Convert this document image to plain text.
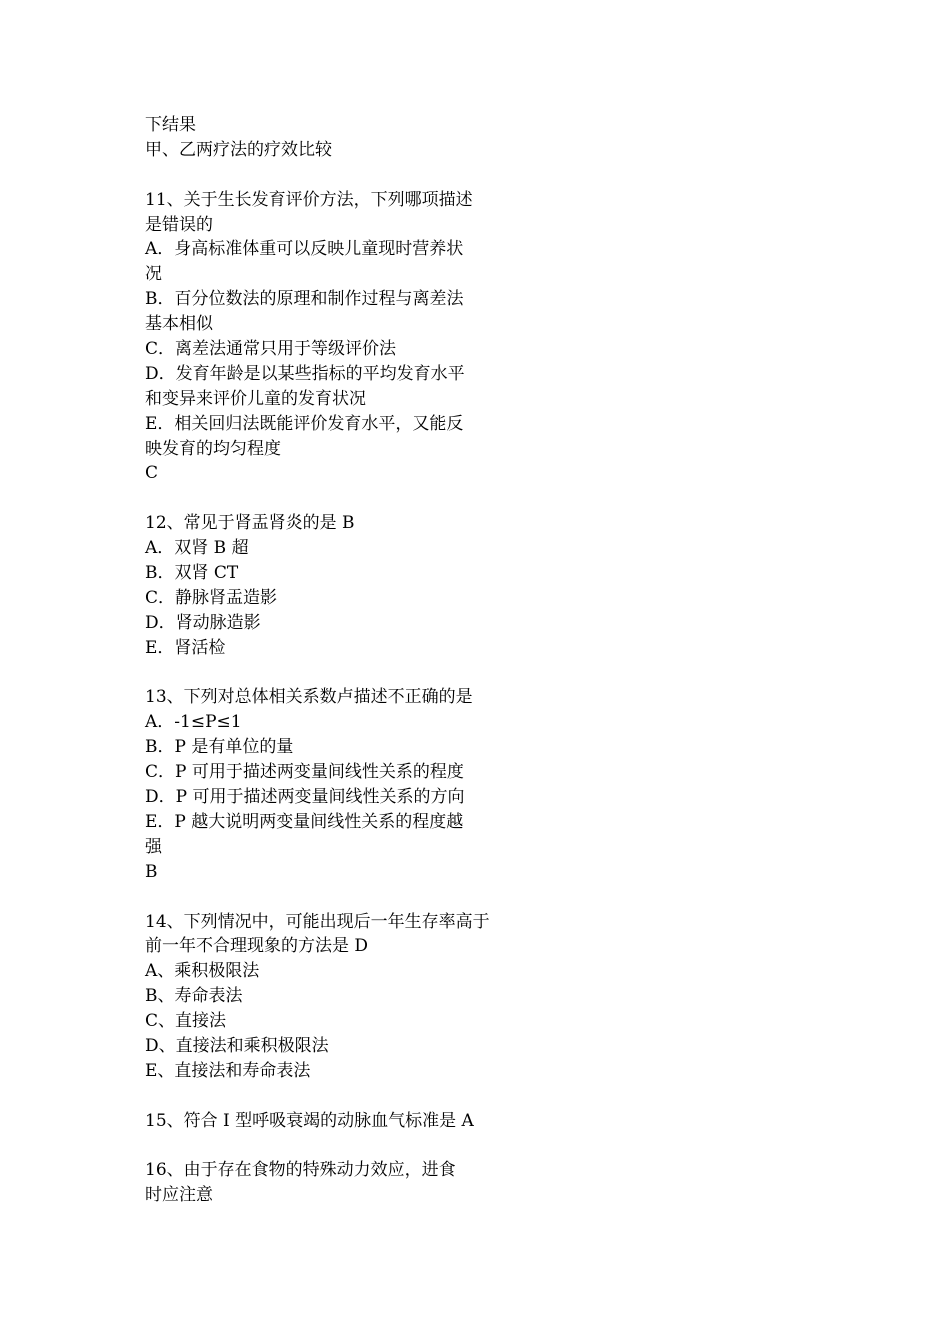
下结果
甲、乙两疗法的疗效比较
11、关于生长发育评价方法，下列哪项描述
是错误的
A．身高标准体重可以反映儿童现时营养状
况
B．百分位数法的原理和制作过程与离差法
基本相似
C．离差法通常只用于等级评价法
D．发育年龄是以某些指标的平均发育水平
和变异来评价儿童的发育状况
E．相关回归法既能评价发育水平，又能反
映发育的均匀程度
C
12、常见于肾盂肾炎的是 B
A．双肾 B 超
B．双肾 CT
C．静脉肾盂造影
D．肾动脉造影
E．肾活检
13、下列对总体相关系数卢描述不正确的是
A．-1≤P≤1
B．P 是有单位的量
C．P 可用于描述两变量间线性关系的程度
D．P 可用于描述两变量间线性关系的方向
E．P 越大说明两变量间线性关系的程度越
强
B
14、下列情况中，可能出现后一年生存率高于
前一年不合理现象的方法是 D
A、乘积极限法
B、寿命表法
C、直接法
D、直接法和乘积极限法
E、直接法和寿命表法
15、符合 I 型呼吸衰竭的动脉血气标准是 A
16、由于存在食物的特殊动力效应，进食
时应注意
